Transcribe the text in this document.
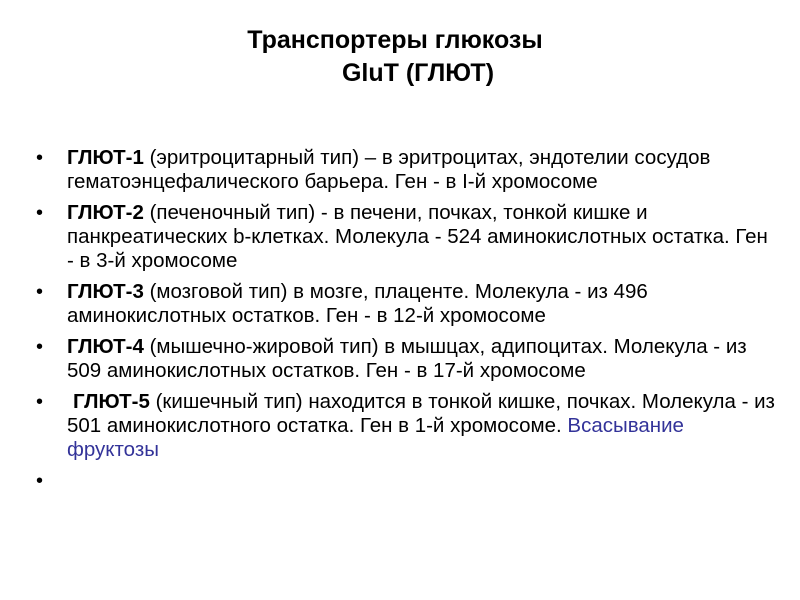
Транспортеры глюкозы
GluT (ГЛЮТ)
• ГЛЮТ-1 (эритроцитарный тип) – в эритроцитах, эндотелии сосудов гематоэнцефалического барьера. Ген - в I-й хромосоме
• ГЛЮТ-2 (печеночный тип) - в печени, почках, тонкой кишке и панкреатических b-клетках. Молекула - 524 аминокислотных остатка. Ген - в 3-й хромосоме
• ГЛЮТ-3 (мозговой тип) в мозге, плаценте. Молекула - из 496 аминокислотных остатков. Ген - в 12-й хромосоме
• ГЛЮТ-4 (мышечно-жировой тип) в мышцах, адипоцитах. Молекула - из 509 аминокислотных остатков. Ген - в 17-й хромосоме
• ГЛЮТ-5 (кишечный тип) находится в тонкой кишке, почках. Молекула - из 501 аминокислотного остатка. Ген в 1-й хромосоме. Всасывание фруктозы
•
